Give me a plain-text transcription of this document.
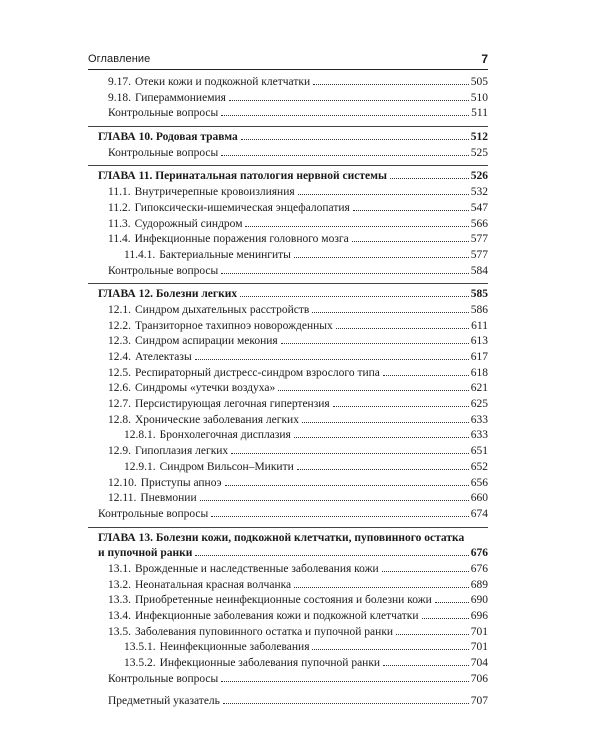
Оглавление	7
9.17. Отеки кожи и подкожной клетчатки	505
9.18. Гипераммониемия	510
Контрольные вопросы	511
ГЛАВА 10. Родовая травма	512
Контрольные вопросы	525
ГЛАВА 11. Перинатальная патология нервной системы	526
11.1. Внутричерепные кровоизлияния	532
11.2. Гипоксически-ишемическая энцефалопатия	547
11.3. Судорожный синдром	566
11.4. Инфекционные поражения головного мозга	577
11.4.1. Бактериальные менингиты	577
Контрольные вопросы	584
ГЛАВА 12. Болезни легких	585
12.1. Синдром дыхательных расстройств	586
12.2. Транзиторное тахипноэ новорожденных	611
12.3. Синдром аспирации мекония	613
12.4. Ателектазы	617
12.5. Респираторный дистресс-синдром взрослого типа	618
12.6. Синдромы «утечки воздуха»	621
12.7. Персистирующая легочная гипертензия	625
12.8. Хронические заболевания легких	633
12.8.1. Бронхолегочная дисплазия	633
12.9. Гипоплазия легких	651
12.9.1. Синдром Вильсон–Микити	652
12.10. Приступы апноэ	656
12.11. Пневмонии	660
Контрольные вопросы	674
ГЛАВА 13. Болезни кожи, подкожной клетчатки, пуповинного остатка
и пупочной ранки	676
13.1. Врожденные и наследственные заболевания кожи	676
13.2. Неонатальная красная волчанка	689
13.3. Приобретенные неинфекционные состояния и болезни кожи	690
13.4. Инфекционные заболевания кожи и подкожной клетчатки	696
13.5. Заболевания пуповинного остатка и пупочной ранки	701
13.5.1. Неинфекционные заболевания	701
13.5.2. Инфекционные заболевания пупочной ранки	704
Контрольные вопросы	706
Предметный указатель	707
